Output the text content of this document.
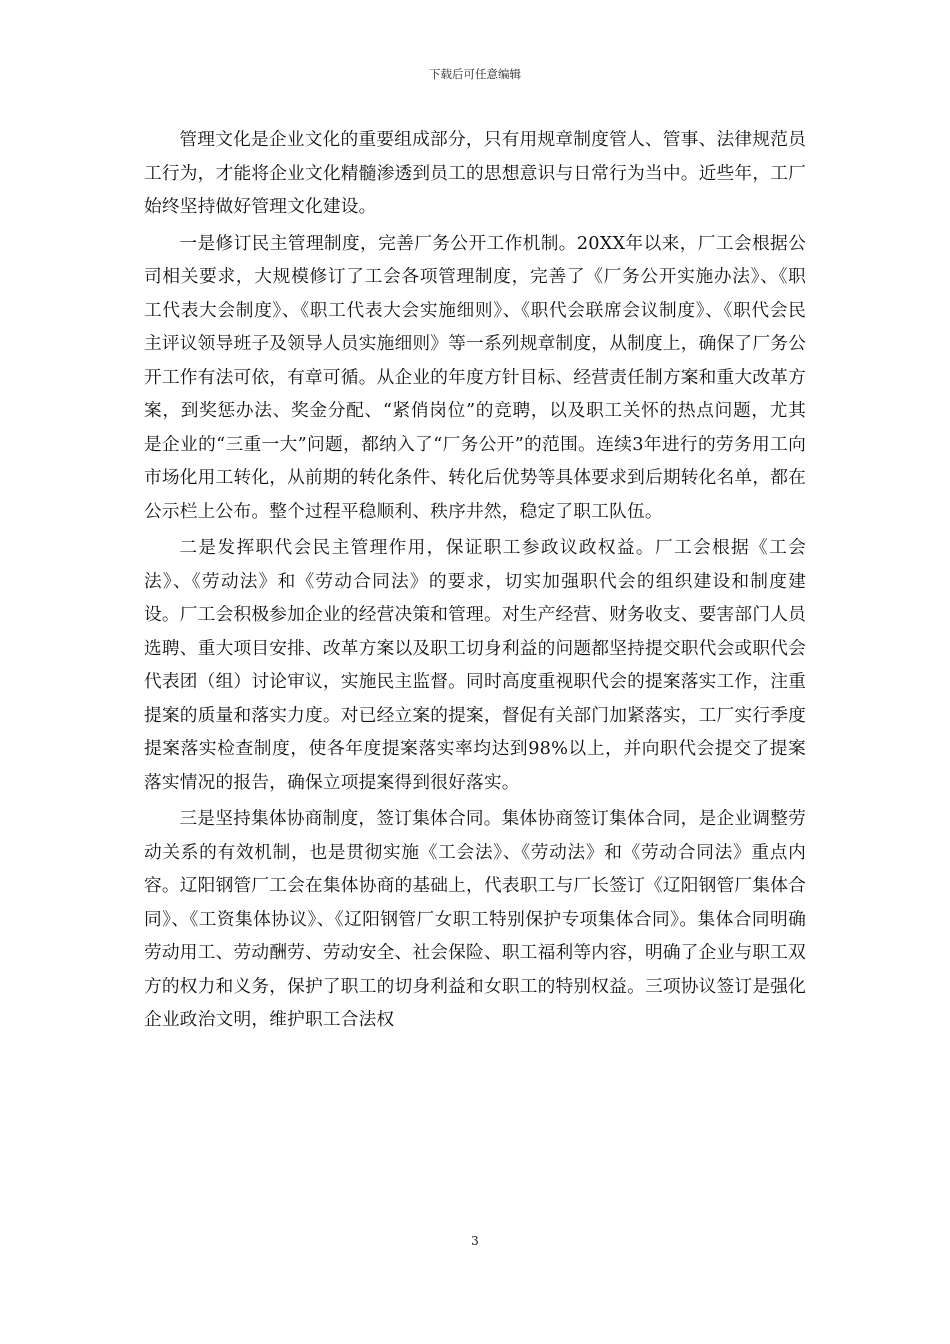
下载后可任意编辑

管理文化是企业文化的重要组成部分，只有用规章制度管人、管事、法律规范员工行为，才能将企业文化精髓渗透到员工的思想意识与日常行为当中。近些年，工厂始终坚持做好管理文化建设。

一是修订民主管理制度，完善厂务公开工作机制。20XX年以来，厂工会根据公司相关要求，大规模修订了工会各项管理制度，完善了《厂务公开实施办法》、《职工代表大会制度》、《职工代表大会实施细则》、《职代会联席会议制度》、《职代会民主评议领导班子及领导人员实施细则》等一系列规章制度，从制度上，确保了厂务公开工作有法可依，有章可循。从企业的年度方针目标、经营责任制方案和重大改革方案，到奖惩办法、奖金分配、“紧俏岗位”的竞聘，以及职工关怀的热点问题，尤其是企业的“三重一大”问题，都纳入了“厂务公开”的范围。连续3年进行的劳务用工向市场化用工转化，从前期的转化条件、转化后优势等具体要求到后期转化名单，都在公示栏上公布。整个过程平稳顺利、秩序井然，稳定了职工队伍。

二是发挥职代会民主管理作用，保证职工参政议政权益。厂工会根据《工会法》、《劳动法》和《劳动合同法》的要求，切实加强职代会的组织建设和制度建设。厂工会积极参加企业的经营决策和管理。对生产经营、财务收支、要害部门人员选聘、重大项目安排、改革方案以及职工切身利益的问题都坚持提交职代会或职代会代表团（组）讨论审议，实施民主监督。同时高度重视职代会的提案落实工作，注重提案的质量和落实力度。对已经立案的提案，督促有关部门加紧落实，工厂实行季度提案落实检查制度，使各年度提案落实率均达到98%以上，并向职代会提交了提案落实情况的报告，确保立项提案得到很好落实。

三是坚持集体协商制度，签订集体合同。集体协商签订集体合同，是企业调整劳动关系的有效机制，也是贯彻实施《工会法》、《劳动法》和《劳动合同法》重点内容。辽阳钢管厂工会在集体协商的基础上，代表职工与厂长签订《辽阳钢管厂集体合同》、《工资集体协议》、《辽阳钢管厂女职工特别保护专项集体合同》。集体合同明确劳动用工、劳动酬劳、劳动安全、社会保险、职工福利等内容，明确了企业与职工双方的权力和义务，保护了职工的切身利益和女职工的特别权益。三项协议签订是强化企业政治文明，维护职工合法权

3
